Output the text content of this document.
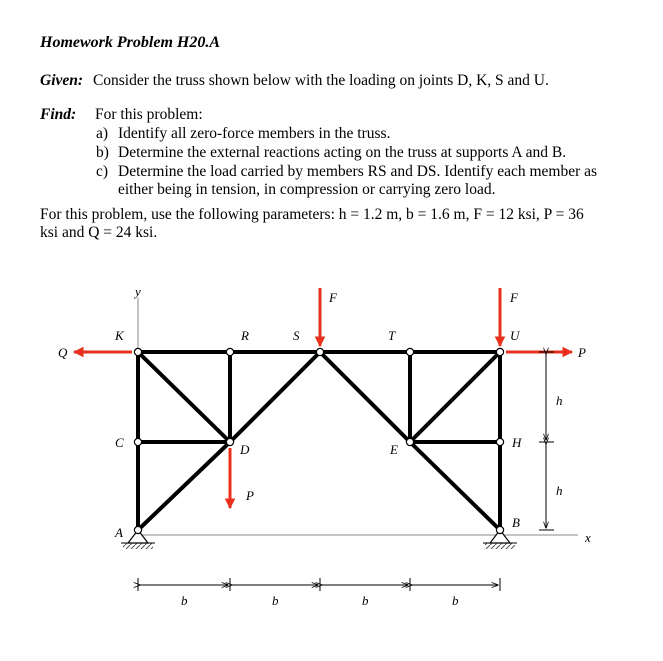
Homework Problem H20.A
Given: Consider the truss shown below with the loading on joints D, K, S and U.
Find: For this problem:
a) Identify all zero-force members in the truss.
b) Determine the external reactions acting on the truss at supports A and B.
c) Determine the load carried by members RS and DS. Identify each member as
either being in tension, in compression or carrying zero load.
For this problem, use the following parameters: h = 1.2 m, b = 1.6 m, F = 12 ksi, P = 36
ksi and Q = 24 ksi.
K	R	S	T	U
C	D	E	H
A
B
Q	P
F	F
P
y
x
b	b	b	b
h
h
